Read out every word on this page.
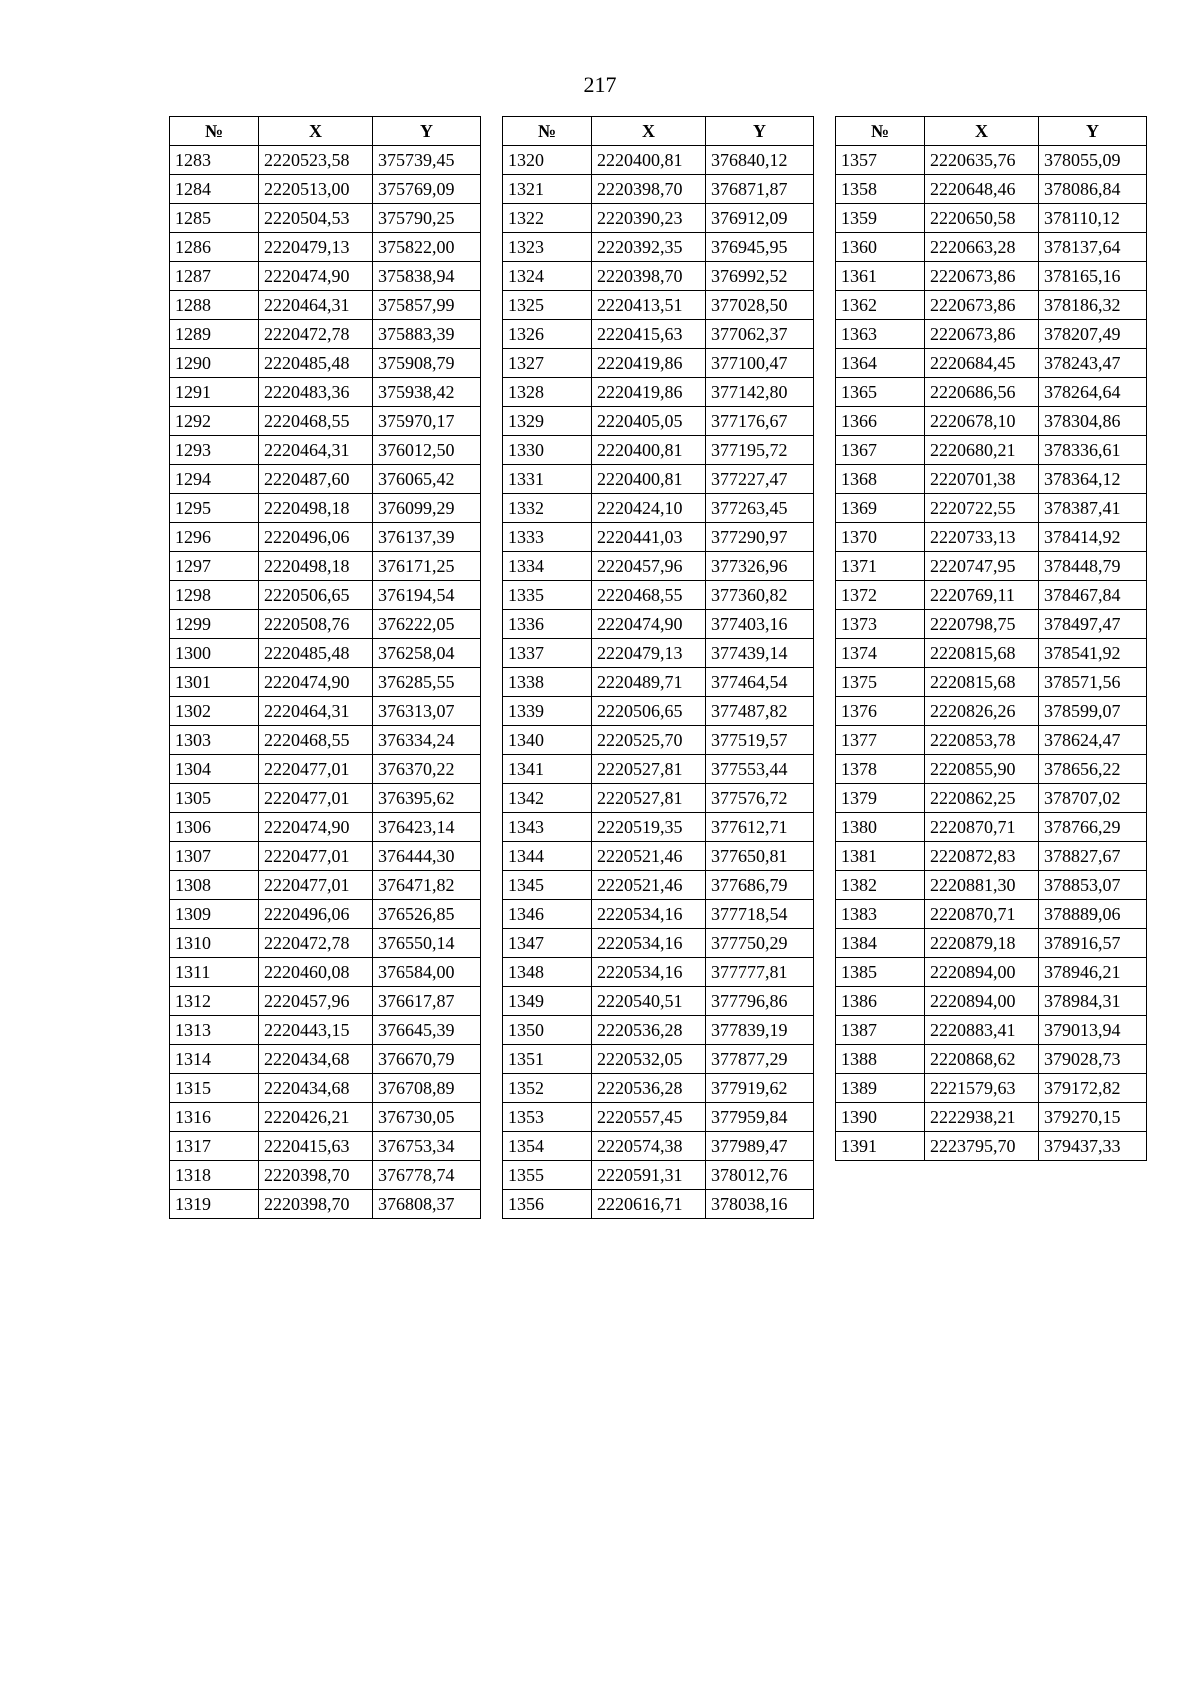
217
№	X	Y
1283	2220523,58	375739,45
1284	2220513,00	375769,09
1285	2220504,53	375790,25
1286	2220479,13	375822,00
1287	2220474,90	375838,94
1288	2220464,31	375857,99
1289	2220472,78	375883,39
1290	2220485,48	375908,79
1291	2220483,36	375938,42
1292	2220468,55	375970,17
1293	2220464,31	376012,50
1294	2220487,60	376065,42
1295	2220498,18	376099,29
1296	2220496,06	376137,39
1297	2220498,18	376171,25
1298	2220506,65	376194,54
1299	2220508,76	376222,05
1300	2220485,48	376258,04
1301	2220474,90	376285,55
1302	2220464,31	376313,07
1303	2220468,55	376334,24
1304	2220477,01	376370,22
1305	2220477,01	376395,62
1306	2220474,90	376423,14
1307	2220477,01	376444,30
1308	2220477,01	376471,82
1309	2220496,06	376526,85
1310	2220472,78	376550,14
1311	2220460,08	376584,00
1312	2220457,96	376617,87
1313	2220443,15	376645,39
1314	2220434,68	376670,79
1315	2220434,68	376708,89
1316	2220426,21	376730,05
1317	2220415,63	376753,34
1318	2220398,70	376778,74
1319	2220398,70	376808,37
№	X	Y
1320	2220400,81	376840,12
1321	2220398,70	376871,87
1322	2220390,23	376912,09
1323	2220392,35	376945,95
1324	2220398,70	376992,52
1325	2220413,51	377028,50
1326	2220415,63	377062,37
1327	2220419,86	377100,47
1328	2220419,86	377142,80
1329	2220405,05	377176,67
1330	2220400,81	377195,72
1331	2220400,81	377227,47
1332	2220424,10	377263,45
1333	2220441,03	377290,97
1334	2220457,96	377326,96
1335	2220468,55	377360,82
1336	2220474,90	377403,16
1337	2220479,13	377439,14
1338	2220489,71	377464,54
1339	2220506,65	377487,82
1340	2220525,70	377519,57
1341	2220527,81	377553,44
1342	2220527,81	377576,72
1343	2220519,35	377612,71
1344	2220521,46	377650,81
1345	2220521,46	377686,79
1346	2220534,16	377718,54
1347	2220534,16	377750,29
1348	2220534,16	377777,81
1349	2220540,51	377796,86
1350	2220536,28	377839,19
1351	2220532,05	377877,29
1352	2220536,28	377919,62
1353	2220557,45	377959,84
1354	2220574,38	377989,47
1355	2220591,31	378012,76
1356	2220616,71	378038,16
№	X	Y
1357	2220635,76	378055,09
1358	2220648,46	378086,84
1359	2220650,58	378110,12
1360	2220663,28	378137,64
1361	2220673,86	378165,16
1362	2220673,86	378186,32
1363	2220673,86	378207,49
1364	2220684,45	378243,47
1365	2220686,56	378264,64
1366	2220678,10	378304,86
1367	2220680,21	378336,61
1368	2220701,38	378364,12
1369	2220722,55	378387,41
1370	2220733,13	378414,92
1371	2220747,95	378448,79
1372	2220769,11	378467,84
1373	2220798,75	378497,47
1374	2220815,68	378541,92
1375	2220815,68	378571,56
1376	2220826,26	378599,07
1377	2220853,78	378624,47
1378	2220855,90	378656,22
1379	2220862,25	378707,02
1380	2220870,71	378766,29
1381	2220872,83	378827,67
1382	2220881,30	378853,07
1383	2220870,71	378889,06
1384	2220879,18	378916,57
1385	2220894,00	378946,21
1386	2220894,00	378984,31
1387	2220883,41	379013,94
1388	2220868,62	379028,73
1389	2221579,63	379172,82
1390	2222938,21	379270,15
1391	2223795,70	379437,33
